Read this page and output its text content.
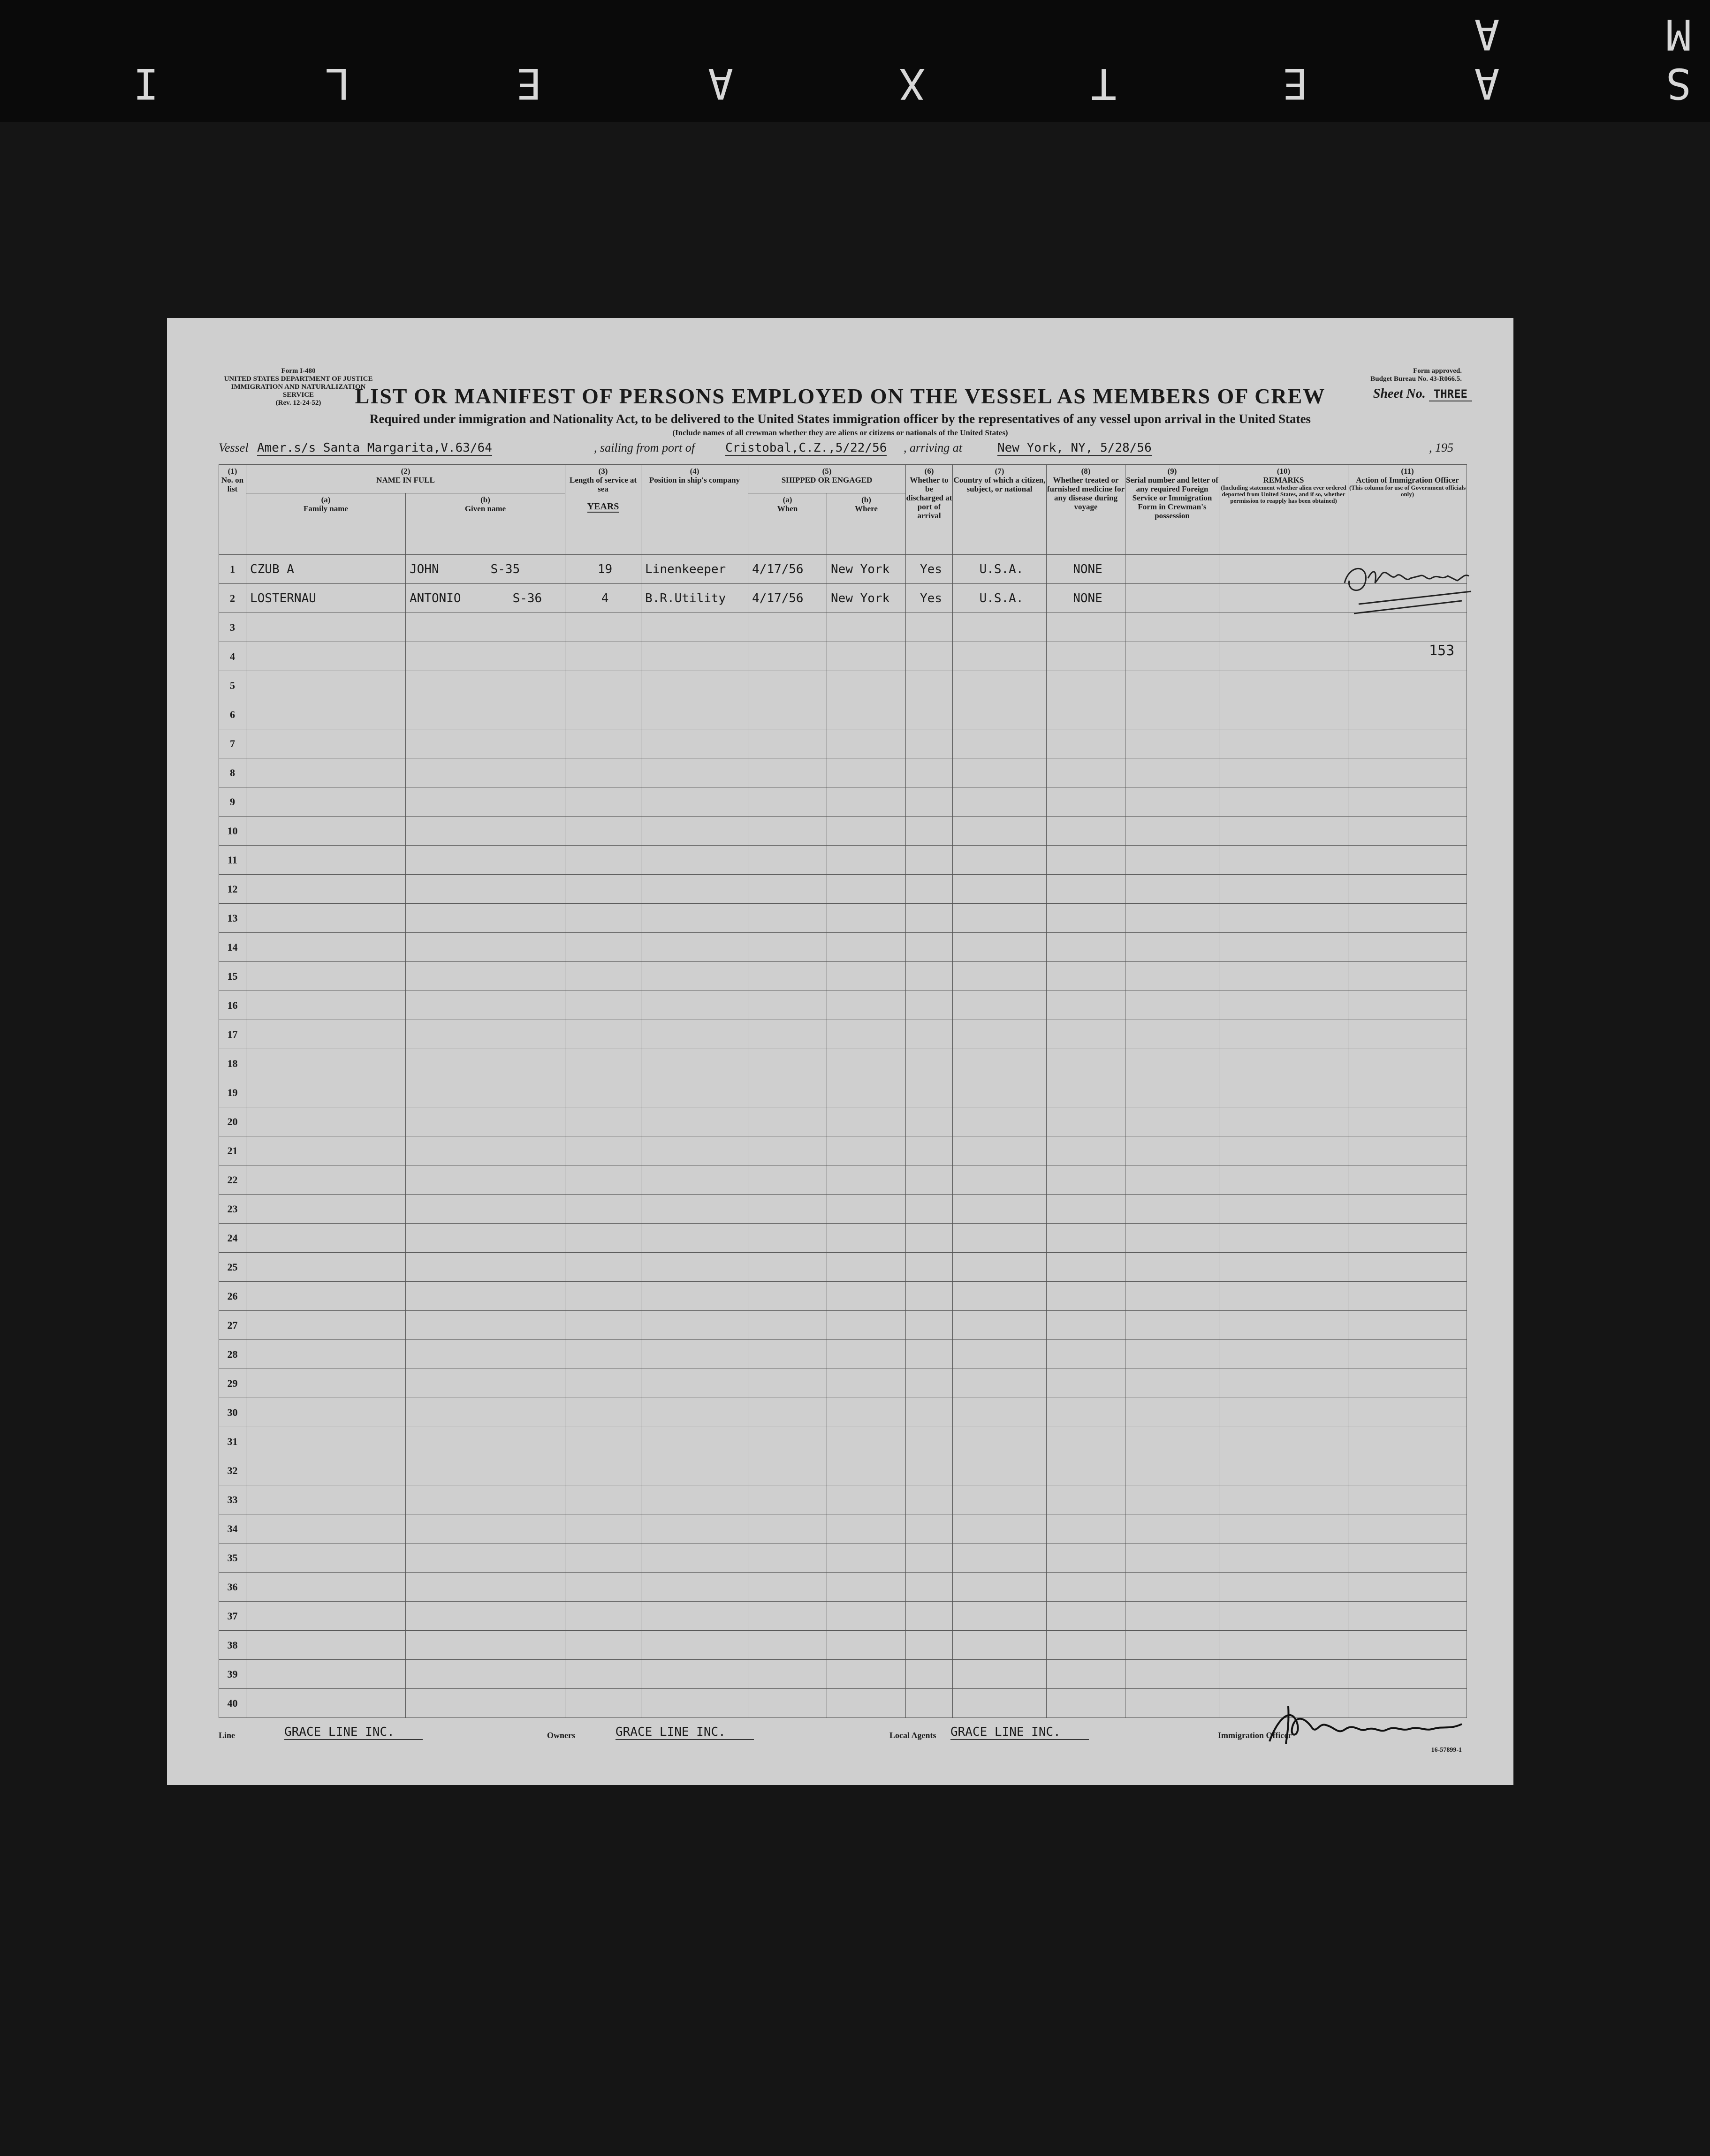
S A E T X A E L I M A
Form I-480
UNITED STATES DEPARTMENT OF JUSTICE
IMMIGRATION AND NATURALIZATION SERVICE
(Rev. 12-24-52)
Form approved.
Budget Bureau No. 43-R066.5.
LIST OR MANIFEST OF PERSONS EMPLOYED ON THE VESSEL AS MEMBERS OF CREW	Sheet No. THREE
Required under immigration and Nationality Act, to be delivered to the United States immigration officer by the representatives of any vessel upon arrival in the United States
(Include names of all crewman whether they are aliens or citizens or nationals of the United States)
Vessel Amer.s/s Santa Margarita,V.63/64	, sailing from port of Cristobal,C.Z.,5/22/56 , arriving at	New York, NY, 5/28/56	, 195
(1)
No. on list	(2)
NAME IN FULL		(3)
Length of service at sea

YEARS	(4)
Position in ship's company	(5)
SHIPPED OR ENGAGED		(6)
Whether to be discharged at port of arrival	(7)
Country of which a citizen, subject, or national	(8)
Whether treated or furnished medicine for any disease during voyage	(9)
Serial number and letter of any required Foreign Service or Immigration Form in Crewman's possession	(10)
REMARKS

(Including statement whether alien ever ordered deported from United States, and if so, whether permission to reapply has been obtained)	(11)
Action of Immigration Officer

(This column for use of Government officials only)

	(a)
Family name	(b)
Given name			(a)
When	(b)
Where						
1	CZUB A	JOHN S-35	19	Linenkeeper	4/17/56	New York	Yes	U.S.A.	NONE			
2	LOSTERNAU	ANTONIO S-36	4	B.R.Utility	4/17/56	New York	Yes	U.S.A.	NONE			
3												
4												
5												
6												
7												
8												
9												
10												
11												
12												
13												
14												
15												
16												
17												
18												
19												
20												
21												
22												
23												
24												
25												
26												
27												
28												
29												
30												
31												
32												
33												
34												
35												
36												
37												
38												
39												
40												
153
Line	GRACE LINE INC.	Owners	GRACE LINE INC.	Local Agents GRACE LINE INC.	Immigration Officer
16-57899-1
